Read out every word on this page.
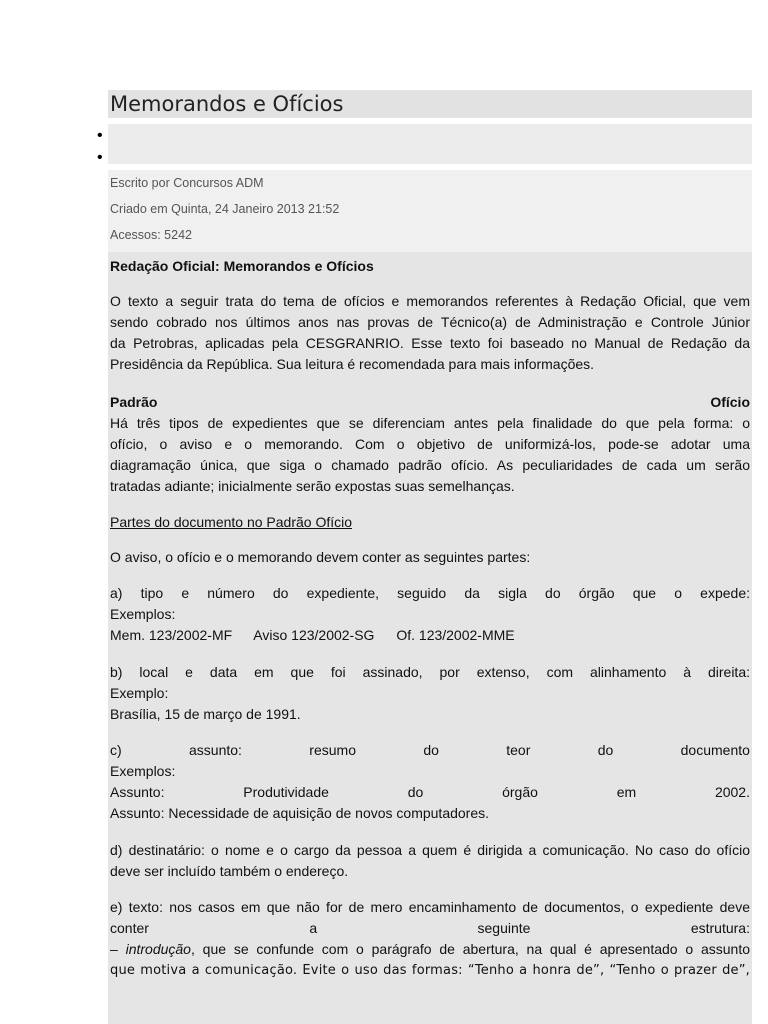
Memorandos e Ofícios
•
•
Escrito por Concursos ADM
Criado em Quinta, 24 Janeiro 2013 21:52
Acessos: 5242
Redação Oficial: Memorandos e Ofícios
O texto a seguir trata do tema de ofícios e memorandos referentes à Redação Oficial, que vem
sendo cobrado nos últimos anos nas provas de Técnico(a) de Administração e Controle Júnior
da Petrobras, aplicadas pela CESGRANRIO. Esse texto foi baseado no Manual de Redação da
Presidência da República. Sua leitura é recomendada para mais informações.
Padrão	Ofício
Há três tipos de expedientes que se diferenciam antes pela finalidade do que pela forma: o
ofício, o aviso e o memorando. Com o objetivo de uniformizá-los, pode-se adotar uma
diagramação única, que siga o chamado padrão ofício. As peculiaridades de cada um serão
tratadas adiante; inicialmente serão expostas suas semelhanças.
Partes do documento no Padrão Ofício
O aviso, o ofício e o memorando devem conter as seguintes partes:
a) tipo e número do expediente, seguido da sigla do órgão que o expede:
Exemplos:
Mem. 123/2002-MF Aviso 123/2002-SG Of. 123/2002-MME
b) local e data em que foi assinado, por extenso, com alinhamento à direita:
Exemplo:
Brasília, 15 de março de 1991.
c)	assunto:	resumo	do	teor	do	documento
Exemplos:
Assunto:	Produtividade	do	órgão	em	2002.
Assunto: Necessidade de aquisição de novos computadores.
d) destinatário: o nome e o cargo da pessoa a quem é dirigida a comunicação. No caso do ofício
deve ser incluído também o endereço.
e) texto: nos casos em que não for de mero encaminhamento de documentos, o expediente deve
conter	a	seguinte	estrutura:
– introdução, que se confunde com o parágrafo de abertura, na qual é apresentado o assunto
que motiva a comunicação. Evite o uso das formas: “Tenho a honra de”, “Tenho o prazer de”,
